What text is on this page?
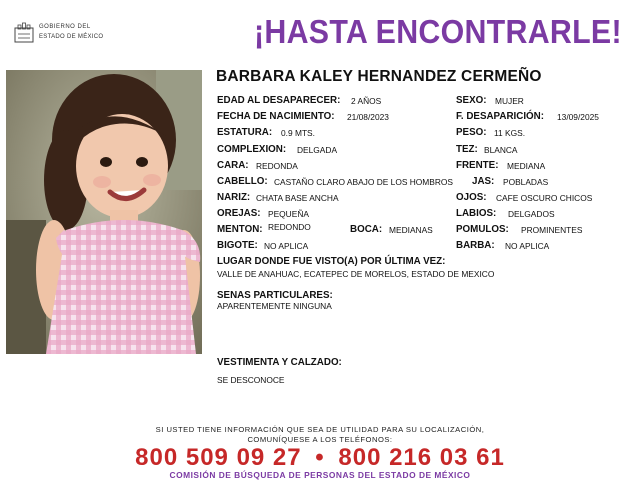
GOBIERNO DEL
ESTADO DE MÉXICO	¡HASTA ENCONTRARLE!
BARBARA KALEY HERNANDEZ CERMEÑO
EDAD AL DESAPARECER: 2 AÑOS	SEXO: MUJER
FECHA DE NACIMIENTO: 21/08/2023	F. DESAPARICIÓN: 13/09/2025
ESTATURA: 0.9 MTS.	PESO: 11 KGS.
COMPLEXION: DELGADA	TEZ: BLANCA
CARA: REDONDA	FRENTE: MEDIANA
CABELLO: CASTAÑO CLARO ABAJO DE LOS HOMBROS JAS: POBLADAS
NARIZ: CHATA BASE ANCHA	OJOS: CAFE OSCURO CHICOS
OREJAS: PEQUEÑA	LABIOS: DELGADOS
MENTON: REDONDO	BOCA: MEDIANAS POMULOS: PROMINENTES
BIGOTE: NO APLICA	BARBA: NO APLICA
LUGAR DONDE FUE VISTO(A) POR ÚLTIMA VEZ:
VALLE DE ANAHUAC, ECATEPEC DE MORELOS, ESTADO DE MEXICO
SENAS PARTICULARES:
APARENTEMENTE NINGUNA
VESTIMENTA Y CALZADO:
SE DESCONOCE
SI USTED TIENE INFORMACIÓN QUE SEA DE UTILIDAD PARA SU LOCALIZACIÓN,
COMUNÍQUESE A LOS TELÉFONOS:
800 509 09 27 • 800 216 03 61
COMISIÓN DE BÚSQUEDA DE PERSONAS DEL ESTADO DE MÉXICO
